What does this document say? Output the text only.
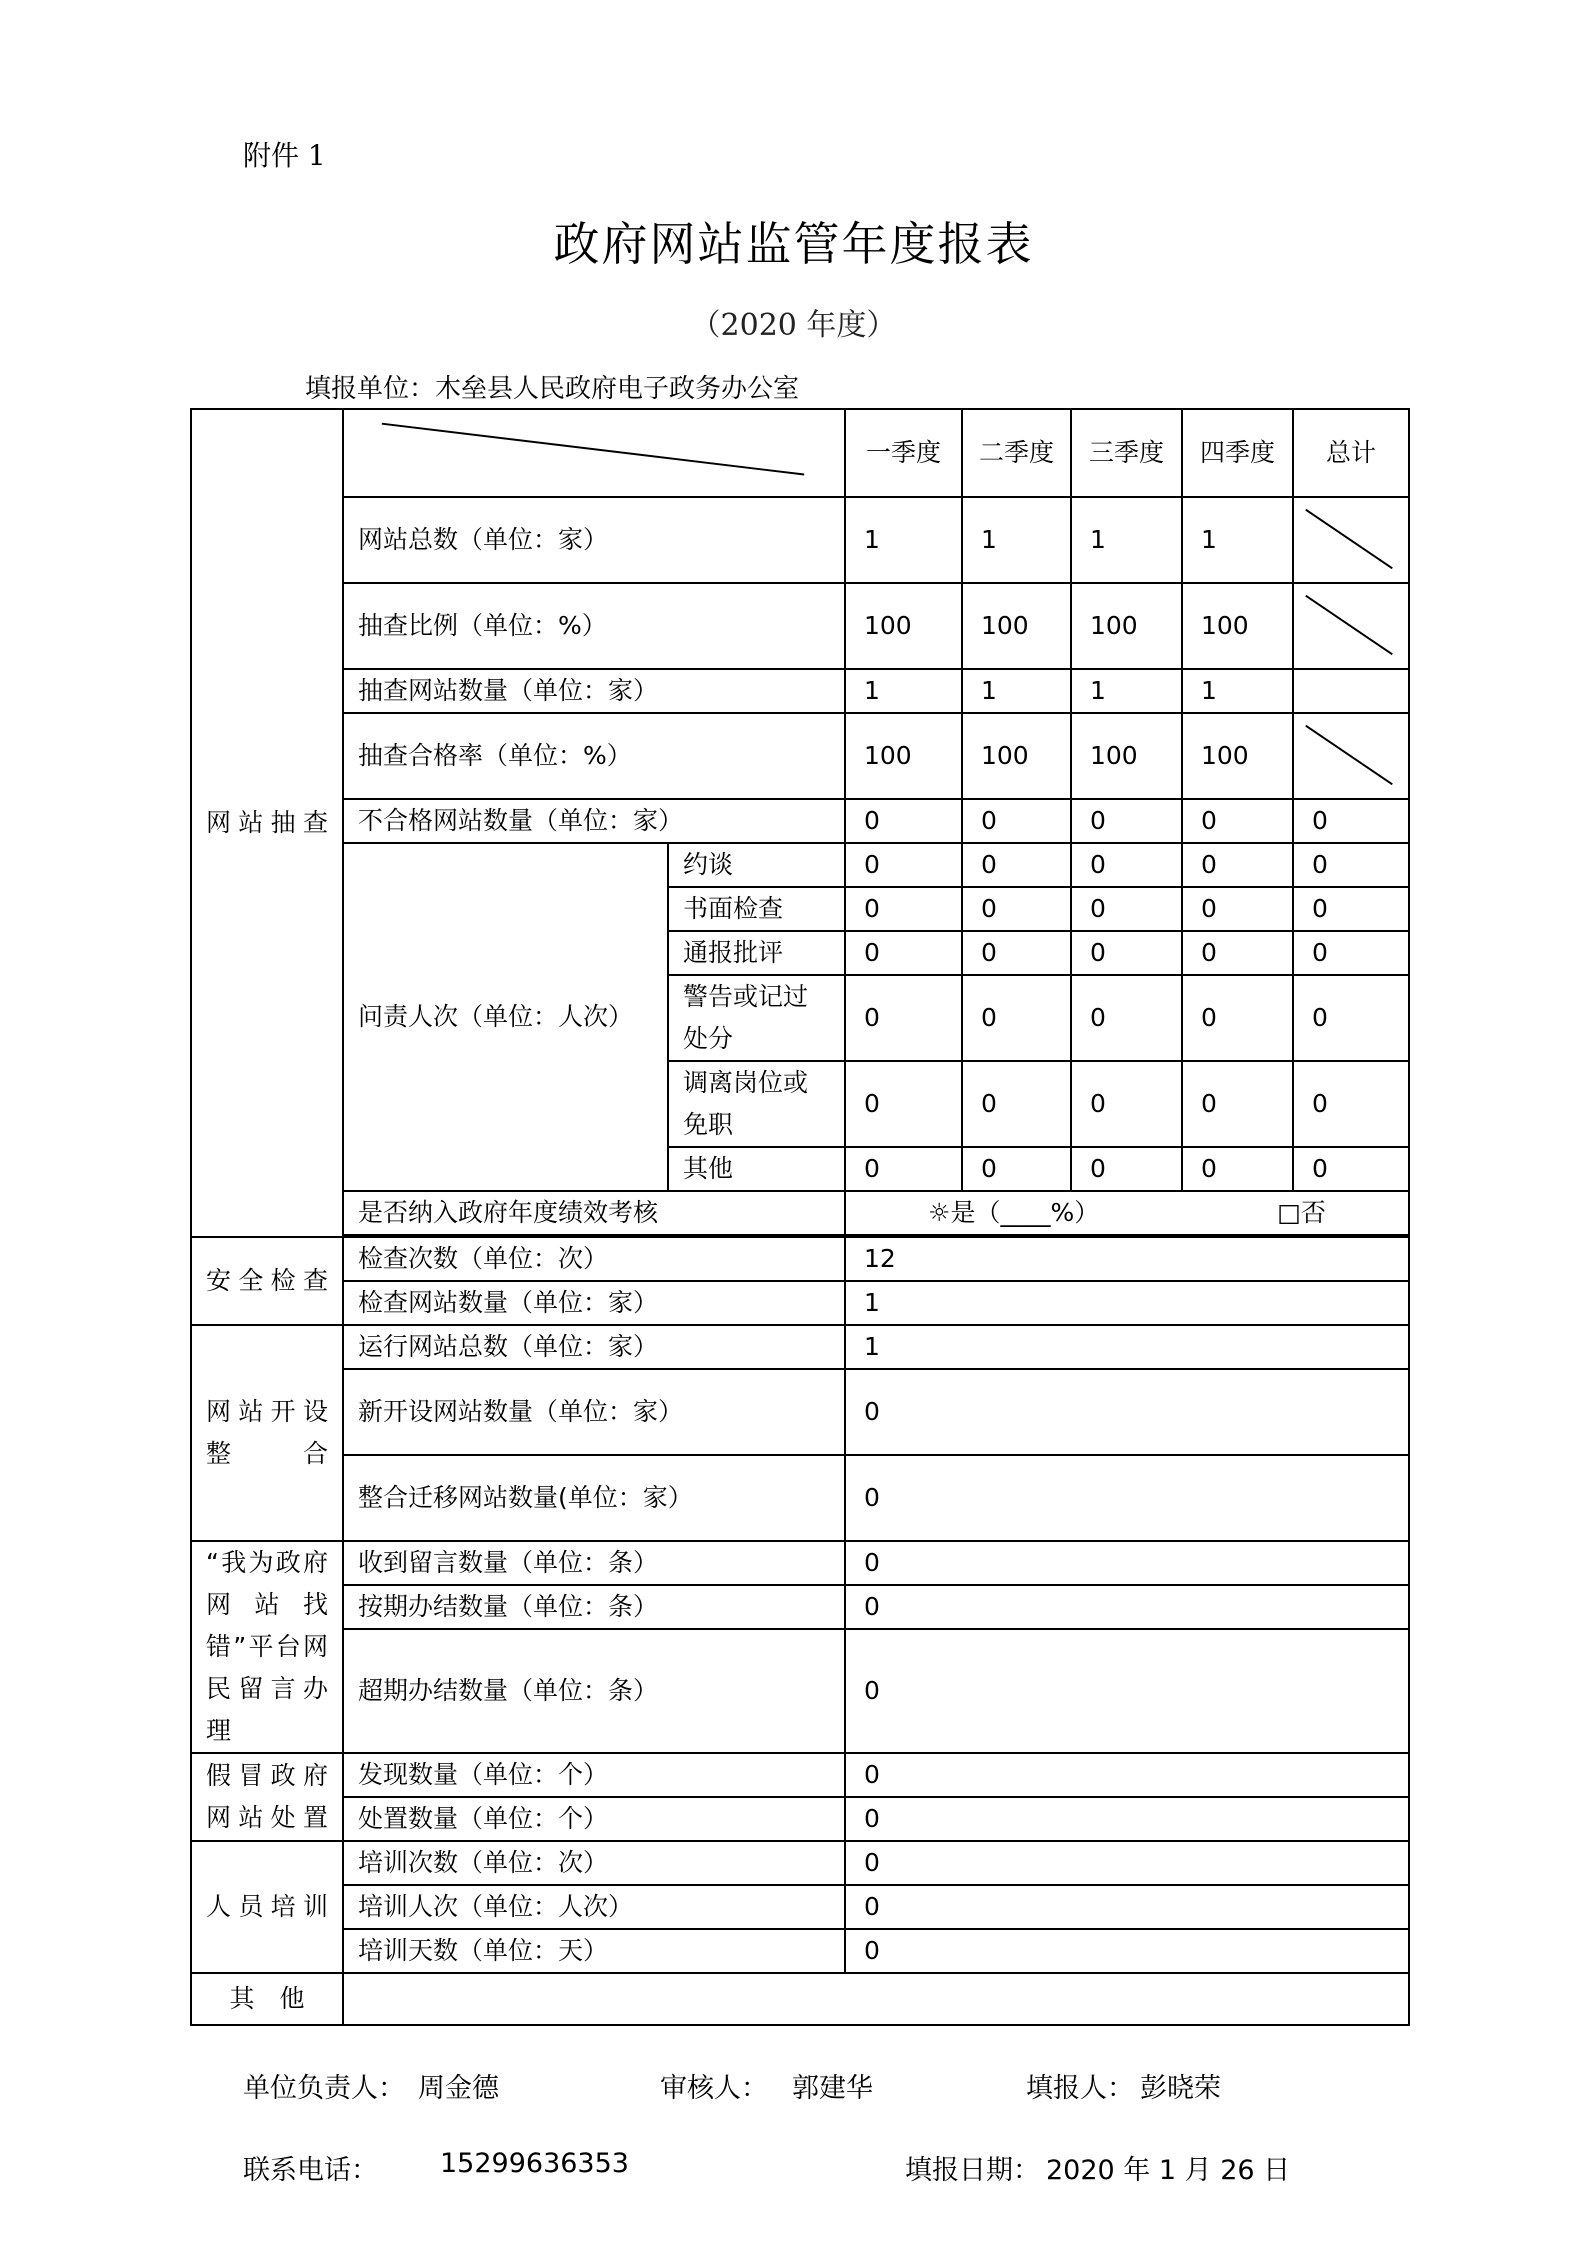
附件 1
政府网站监管年度报表
（2020 年度）
填报单位：木垒县人民政府电子政务办公室
网站抽查			一季度	二季度	三季度	四季度	总计
	网站总数（单位：家）		1	1	1	1	

	抽查比例（单位：%）		100	100	100	100	

	抽查网站数量（单位：家）		1	1	1	1	
	抽查合格率（单位：%）		100	100	100	100	

	不合格网站数量（单位：家）		0	0	0	0	0
	问责人次（单位：人次）	约谈	0	0	0	0	0
		书面检查	0	0	0	0	0
		通报批评	0	0	0	0	0
		警告或记过处分	0	0	0	0	0
		调离岗位或免职	0	0	0	0	0
		其他	0	0	0	0	0
	是否纳入政府年度绩效考核		☼是（____%） □否				

安全检查	检查次数（单位：次）		12				
	检查网站数量（单位：家）		1				
网站开设整合	运行网站总数（单位：家）		1				
	新开设网站数量（单位：家）		0				
	整合迁移网站数量(单位：家）		0				
“我为政府网站找错”平台网民留言办理	收到留言数量（单位：条）		0				
	按期办结数量（单位：条）		0				
	超期办结数量（单位：条）		0				
假冒政府网站处置	发现数量（单位：个）		0				
	处置数量（单位：个）		0				
人员培训	培训次数（单位：次）		0				
	培训人次（单位：人次）		0				
	培训天数（单位：天）		0				
其　他							
单位负责人： 周金德	审核人： 郭建华	填报人： 彭晓荣
联系电话： 15299636353	填报日期： 2020 年 1 月 26 日
